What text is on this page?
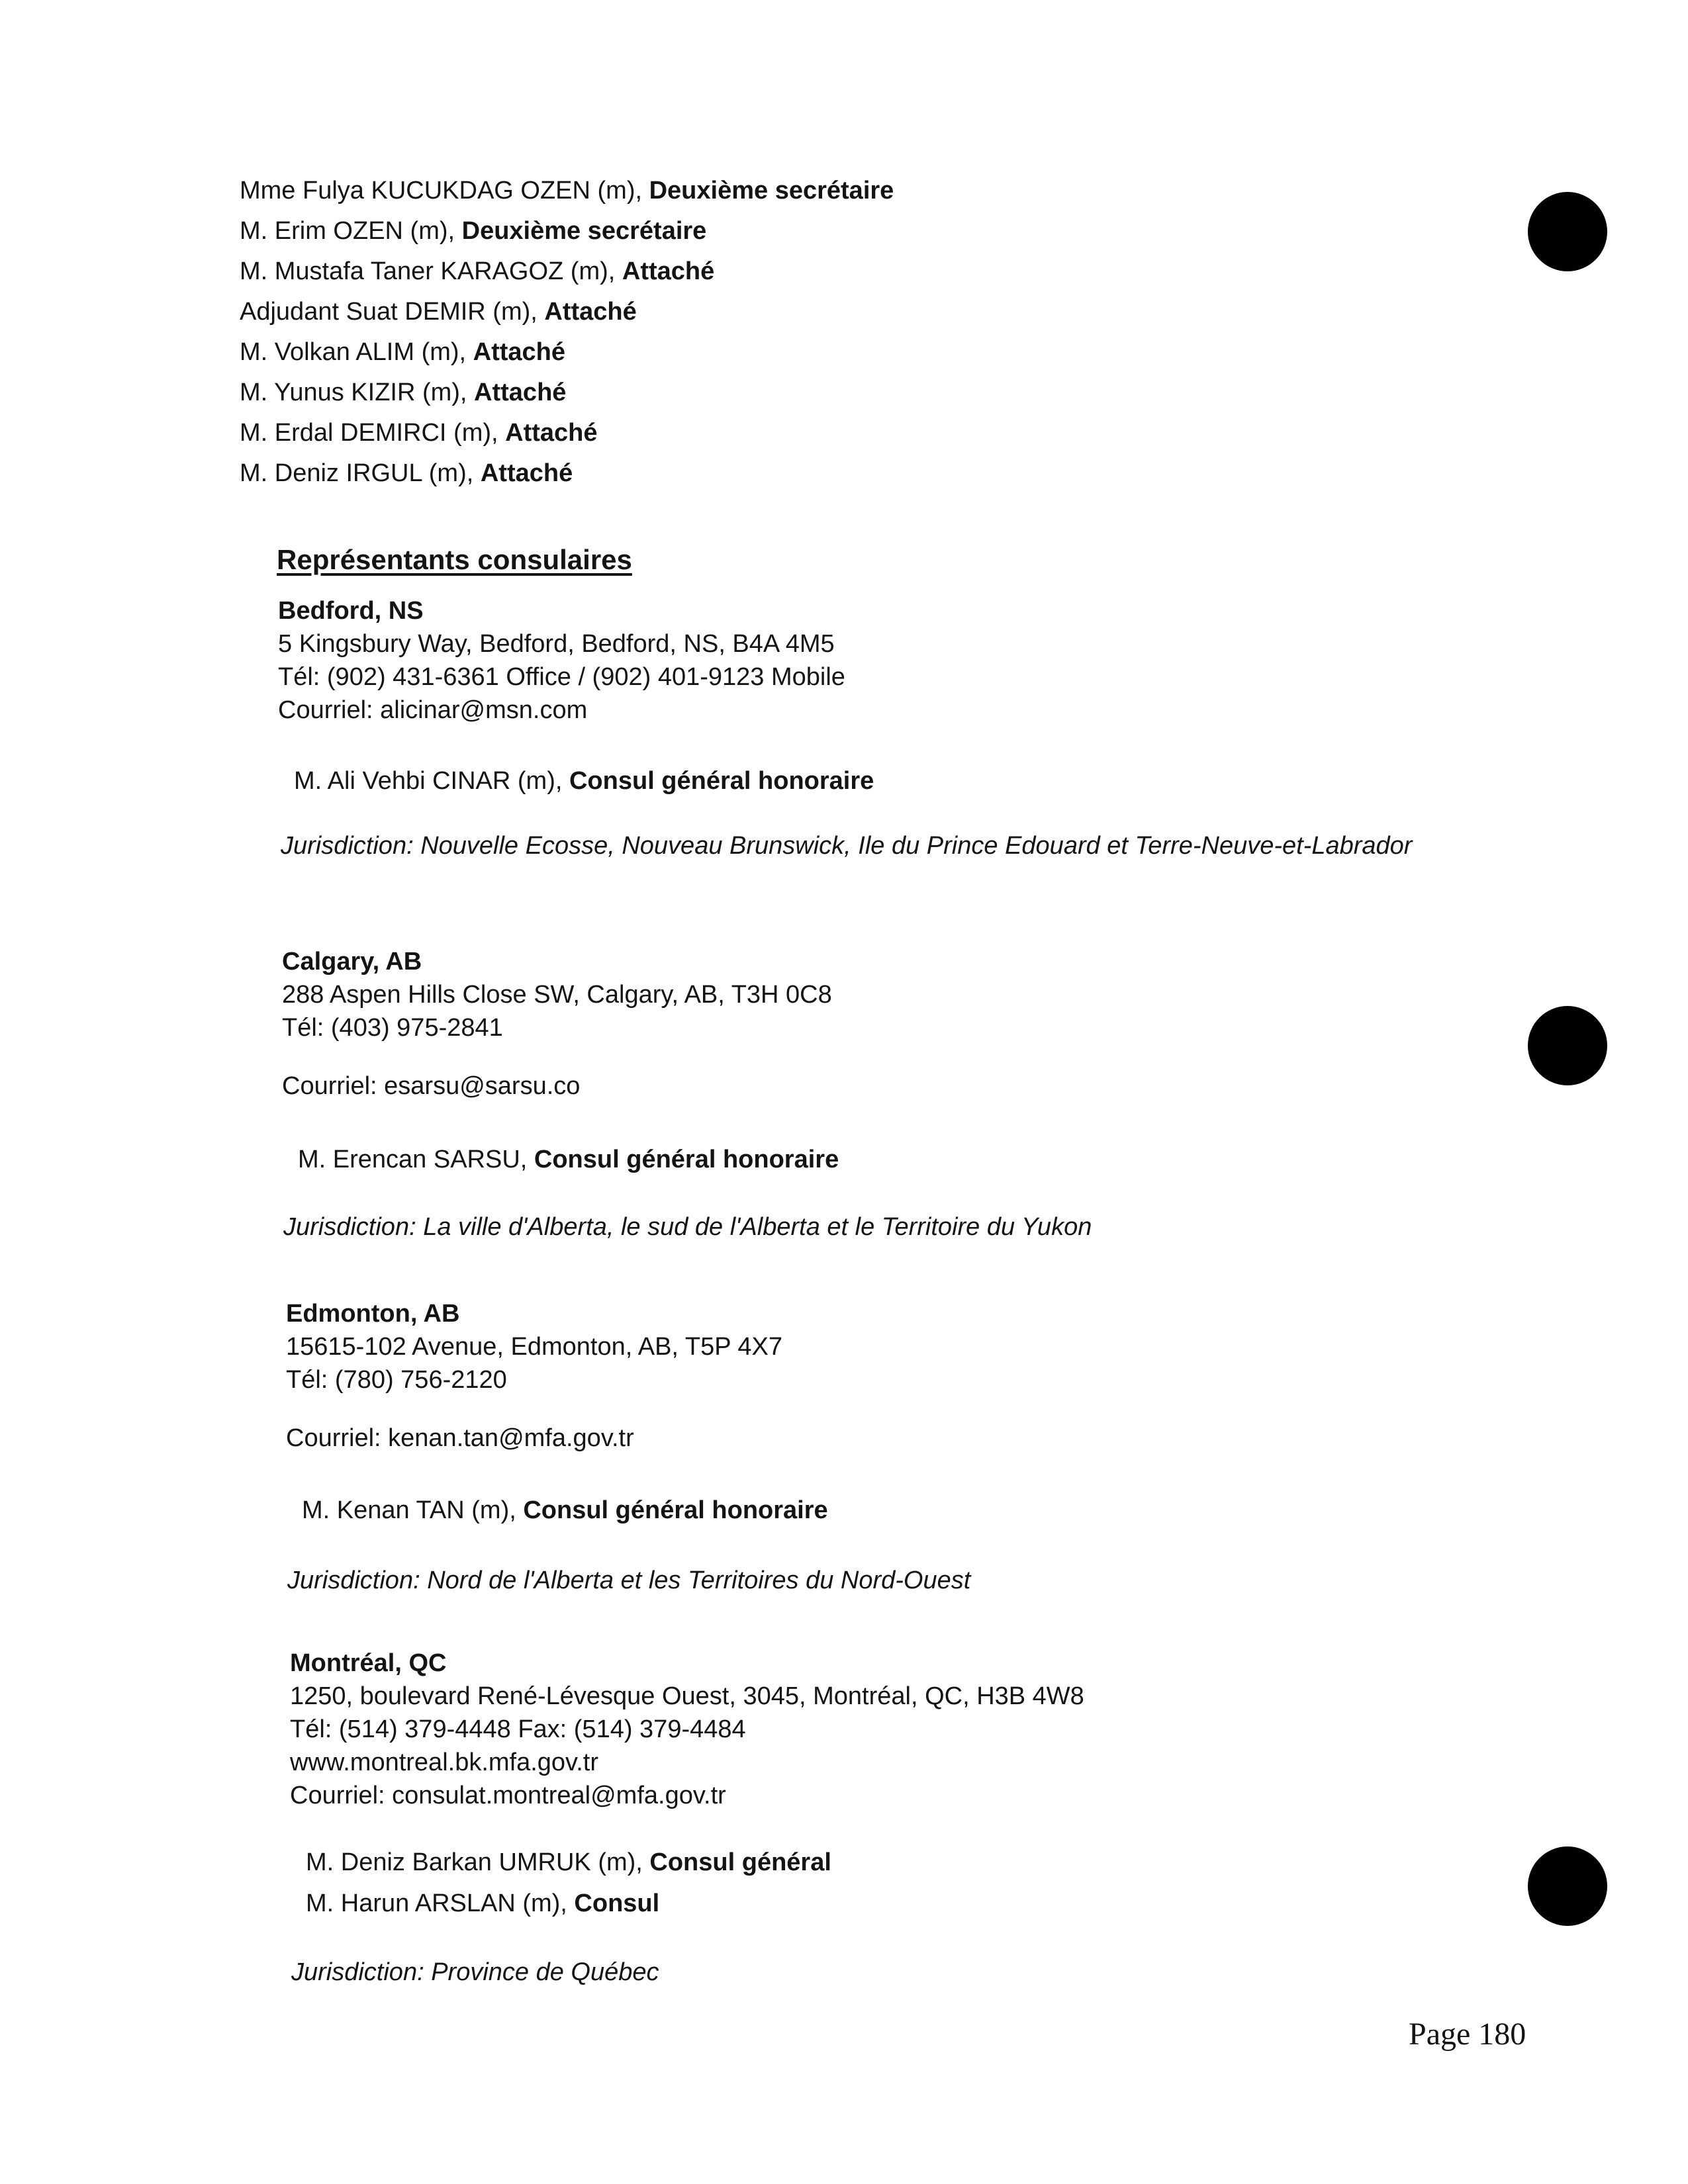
Mme Fulya KUCUKDAG OZEN (m), Deuxième secrétaire
M. Erim OZEN (m), Deuxième secrétaire
M. Mustafa Taner KARAGOZ (m), Attaché
Adjudant Suat DEMIR (m), Attaché
M. Volkan ALIM (m), Attaché
M. Yunus KIZIR (m), Attaché
M. Erdal DEMIRCI (m), Attaché
M. Deniz IRGUL (m), Attaché
Représentants consulaires
Bedford, NS
5 Kingsbury Way, Bedford, Bedford, NS, B4A 4M5
Tél: (902) 431-6361 Office / (902) 401-9123 Mobile
Courriel: alicinar@msn.com
M. Ali Vehbi CINAR (m), Consul général honoraire
Jurisdiction: Nouvelle Ecosse, Nouveau Brunswick, Ile du Prince Edouard et Terre-Neuve-et-Labrador
Calgary, AB
288 Aspen Hills Close SW, Calgary, AB, T3H 0C8
Tél: (403) 975-2841
Courriel: esarsu@sarsu.co
M. Erencan SARSU, Consul général honoraire
Jurisdiction: La ville d'Alberta, le sud de l'Alberta et le Territoire du Yukon
Edmonton, AB
15615-102 Avenue, Edmonton, AB, T5P 4X7
Tél: (780) 756-2120
Courriel: kenan.tan@mfa.gov.tr
M. Kenan TAN (m), Consul général honoraire
Jurisdiction: Nord de l'Alberta et les Territoires du Nord-Ouest
Montréal, QC
1250, boulevard René-Lévesque Ouest, 3045, Montréal, QC, H3B 4W8
Tél: (514) 379-4448 Fax: (514) 379-4484
www.montreal.bk.mfa.gov.tr
Courriel: consulat.montreal@mfa.gov.tr
M. Deniz Barkan UMRUK (m), Consul général
M. Harun ARSLAN (m), Consul
Jurisdiction: Province de Québec
Page 180
